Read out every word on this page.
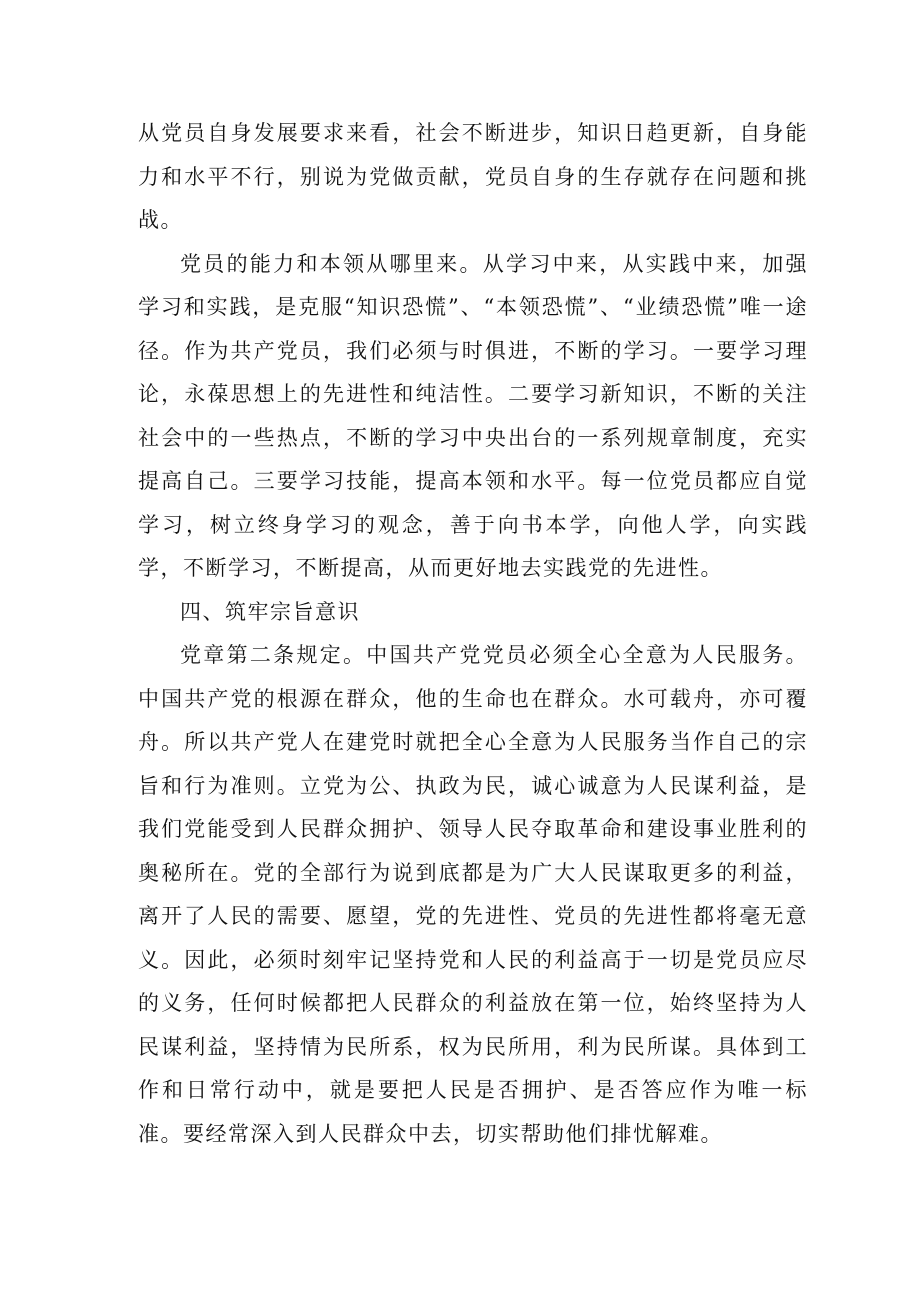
从党员自身发展要求来看，社会不断进步，知识日趋更新，自身能力和水平不行，别说为党做贡献，党员自身的生存就存在问题和挑战。

党员的能力和本领从哪里来。从学习中来，从实践中来，加强学习和实践，是克服“知识恐慌”、“本领恐慌”、“业绩恐慌”唯一途径。作为共产党员，我们必须与时俱进，不断的学习。一要学习理论，永葆思想上的先进性和纯洁性。二要学习新知识，不断的关注社会中的一些热点，不断的学习中央出台的一系列规章制度，充实提高自己。三要学习技能，提高本领和水平。每一位党员都应自觉学习，树立终身学习的观念，善于向书本学，向他人学，向实践学，不断学习，不断提高，从而更好地去实践党的先进性。

四、筑牢宗旨意识

党章第二条规定。中国共产党党员必须全心全意为人民服务。中国共产党的根源在群众，他的生命也在群众。水可载舟，亦可覆舟。所以共产党人在建党时就把全心全意为人民服务当作自己的宗旨和行为准则。立党为公、执政为民，诚心诚意为人民谋利益，是我们党能受到人民群众拥护、领导人民夺取革命和建设事业胜利的奥秘所在。党的全部行为说到底都是为广大人民谋取更多的利益，离开了人民的需要、愿望，党的先进性、党员的先进性都将毫无意义。因此，必须时刻牢记坚持党和人民的利益高于一切是党员应尽的义务，任何时候都把人民群众的利益放在第一位，始终坚持为人民谋利益，坚持情为民所系，权为民所用，利为民所谋。具体到工作和日常行动中，就是要把人民是否拥护、是否答应作为唯一标准。要经常深入到人民群众中去，切实帮助他们排忧解难。
